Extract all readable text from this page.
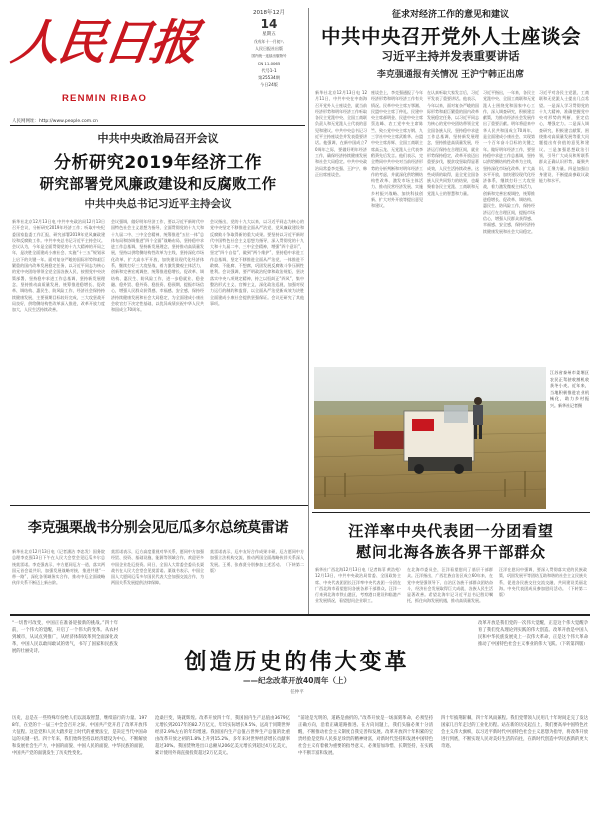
人民日报
RENMIN RIBAO
2018年12月
14
星期五
戊戌年十一月初八
人民日报社出版
国内统一连续出版物号
CN 11-0065
代号1-1
第25534期
今日24版
人民网网址：http://www.people.com.cn
征求对经济工作的意见和建议
中共中央召开党外人士座谈会
习近平主持并发表重要讲话
李克强通报有关情况 王沪宁韩正出席
新华社北京12月13日电 12月11日，中共中央在中南海召开党外人士座谈会，就当前经济形势和明年经济工作听取各民主党派中央、全国工商联负责人和无党派人士代表的意见和建议。中共中央总书记习近平主持座谈会并发表重要讲话。他强调，在新中国成立70周年之际，要做好明年经济工作，确保经济持续健康发展和社会大局稳定。中共中央政治局常委李克强、王沪宁、韩正出席座谈会。
座谈会上，李克强通报了今年经济形势和明年经济工作有关情况。民革中央主席万鄂湘、民盟中央主席丁仲礼、民建中央主席郝明金、民进中央主席蔡达峰、农工党中央主席陈竺、致公党中央主席万钢、九三学社中央主席武维华、台盟中央主席苏辉、全国工商联主席高云龙、无党派人士代表李稻葵先后发言。他们表示，完全赞同中共中央对当前经济形势的分析判断和对明年经济工作的考虑，并就深化供给侧结构性改革、激发市场主体活力、推动民营经济发展、实施乡村振兴战略、加快科技创新、扩大对外开放等提出意见和建议。
在认真听取大家发言后，习近平发表了重要讲话。他表示，今年以来，面对复杂严峻的国际形势和艰巨繁重的国内改革发展稳定任务，以习近平同志为核心的党中央团结带领全党全国各族人民，坚持稳中求进工作总基调，坚持新发展理念，坚持推进高质量发展，经济运行保持在合理区间，就业形势保持稳定，改革开放迈出重要步伐，脱贫攻坚取得显著成效，人民生活持续改善。这些成绩的取得，是全党全国各族人民共同努力的结果，也凝聚着各民主党派、工商联和无党派人士的智慧和力量。
习近平指出，一年来，各民主党派中央、全国工商联和无党派人士围绕党和国家中心工作，深入调查研究，积极建言献策，为推动经济社会发展作出了重要贡献。明年将迎来中华人民共和国成立70周年，是全面建成小康社会、实现第一个百年奋斗目标的关键之年。做好明年经济工作，要坚持稳中求进工作总基调，坚持以供给侧结构性改革为主线，坚持深化市场化改革、扩大高水平开放，加快建设现代化经济体系，继续打好三大攻坚战，着力激发微观主体活力，创新和完善宏观调控，统筹推进稳增长、促改革、调结构、惠民生、防风险工作，保持经济运行在合理区间，提振市场信心，增强人民群众获得感、幸福感、安全感，保持经济持续健康发展和社会大局稳定。
习近平对各民主党派、工商联和无党派人士提出几点希望。一是深入学习贯彻党的十九大精神，准确把握党中央对形势的判断，坚定信心，增强定力。二是深入调查研究，积极建言献策，围绕推动高质量发展等重大问题提出有价值的意见和建议。三是加强思想政治引领，引导广大成员和所联系群众正确认识形势，凝聚共识，汇聚力量。四是加强自身建设，不断提高参政议政能力和水平。
中共中央政治局召开会议
分析研究2019年经济工作
研究部署党风廉政建设和反腐败工作
中共中央总书记习近平主持会议
新华社北京12月13日电 中共中央政治局12月13日召开会议，分析研究2019年经济工作；听取中央纪委国家监委工作汇报，研究部署2019年党风廉政建设和反腐败工作。中共中央总书记习近平主持会议。会议认为，今年是全面贯彻党的十九大精神的开局之年，是决胜全面建成小康社会、实施“十三五”规划承上启下的关键一年。面对复杂严峻的国际形势和艰巨繁重的国内改革发展稳定任务，以习近平同志为核心的党中央团结带领全党全国各族人民，按照党中央决策部署，坚持稳中求进工作总基调，坚持新发展理念，坚持推动高质量发展，统筹推进稳增长、促改革、调结构、惠民生、防风险工作，经济社会保持持续健康发展，主要预期目标较好完成，三大攻坚战开局良好，供给侧结构性改革深入推进，改革开放力度加大，人民生活持续改善。
会议强调，做好明年经济工作，要以习近平新时代中国特色社会主义思想为指导，全面贯彻党的十九大和十九届二中、三中全会精神，统筹推进“五位一体”总体布局和协调推进“四个全面”战略布局，坚持稳中求进工作总基调，坚持新发展理念，坚持推动高质量发展，坚持以供给侧结构性改革为主线，坚持深化市场化改革、扩大高水平开放，加快建设现代化经济体系，继续打好三大攻坚战，着力激发微观主体活力，创新和完善宏观调控，统筹推进稳增长、促改革、调结构、惠民生、防风险工作，进一步稳就业、稳金融、稳外贸、稳外资、稳投资、稳预期，提振市场信心，增强人民群众获得感、幸福感、安全感，保持经济持续健康发展和社会大局稳定，为全面建成小康社会收官打下决定性基础，以优异成绩庆祝中华人民共和国成立70周年。
会议指出，党的十九大以来，以习近平同志为核心的党中央坚定不移推进全面从严治党，党风廉政建设和反腐败斗争取得新的重大成果。要坚持以习近平新时代中国特色社会主义思想为指导，深入贯彻党的十九大和十九届二中、三中全会精神，增强“四个意识”，坚定“四个自信”，做到“两个维护”，坚持稳中求进工作总基调，坚定不移推进全面从严治党，一体推进不敢腐、不能腐、不想腐，巩固发展反腐败斗争压倒性胜利。会议强调，要严明政治纪律和政治规矩，坚决落实中央八项规定精神，持之以恒纠正“四风”，集中整治形式主义、官僚主义，深化政治巡视，加强对权力运行的制约和监督，以全面从严治党新成效为决胜全面建成小康社会提供坚强保证。会议还研究了其他事项。
江苏省泰州市姜堰区农民正驾驶收割机收获冬小麦。近年来，当地积极推进农业机械化，助力乡村振兴。新华社记者摄
李克强栗战书分别会见厄瓜多尔总统莫雷诺
新华社北京12月13日电（记者潘洁 李忠发）国务院总理李克强13日下午在人民大会堂会见厄瓜多尔总统莫雷诺。李克强表示，中方愿同厄方一道，落实两国元首会谈共识，加强发展战略对接，推进共建“一带一路”，深化各领域务实合作，推动中厄全面战略伙伴关系不断迈上新台阶。
莫雷诺表示，厄方高度重视对华关系，愿同中方加强经贸、投资、基础设施、能源等领域合作，欢迎更多中国企业赴厄投资。同日，全国人大常委会委员长栗战书在人民大会堂会见莫雷诺。栗战书表示，中国全国人大愿同厄瓜多尔国民代表大会加强交流合作，为两国关系发展提供法律保障。
莫雷诺表示，厄中友好合作成果丰硕，厄方愿同中方加强立法机构交流，推动两国全面战略伙伴关系深入发展。王勇、张春贤分别参加上述活动。（下转第二版）
汪洋率中央代表团一分团看望
慰问北海各族各界干部群众
新华社广西北海12月13日电（记者陈菲 黄浩苑）12月13日，中共中央政治局常委、全国政协主席、中央代表团团长汪洋率中央代表团一分团在广西北海市看望慰问各族各界干部群众。汪洋一行来到北海市铁山港区，考察港口建设和临港产业发展情况，看望慰问企业职工。
在北海市委员会，汪洋看望慰问了基层干部群众。汪洋指出，广西壮族自治区成立60年来，在党中央坚强领导下，自治区各族干部群众团结奋斗，经济社会发展取得巨大成就，各族人民生活显著改善。希望北海牢记习近平总书记殷切嘱托，抓住向海发展机遇，推动高质量发展。
汪洋在慰问中强调，要深入贯彻落实党的民族政策，巩固发展平等团结互助和谐的社会主义民族关系，促进各民族交往交流交融，共同建设美丽北海。中央代表团成员参加慰问活动。（下转第二版）
“一切皆可改变，中国正在准备迎接新的挑战。”四十年前，一个伟大的觉醒，开启了一个伟大的变革。从农村到城市，从试点到推广，从经济体制改革到全面深化改革，中国人民以敢闯敢试的勇气，书写了国家和民族发展的壮丽史诗。	创造历史的伟大变革
——纪念改革开放40周年（上）
任仲平
改革开放是我们党的一次伟大觉醒，正是这个伟大觉醒孕育了我们党从理论到实践的伟大创造。改革开放是中国人民和中华民族发展史上一次伟大革命，正是这个伟大革命推动了中国特色社会主义事业的伟大飞跃。（下转第四版）
历史，总是在一些特殊年份给人们以汲取智慧、继续前行的力量。1978年，在党的十一届三中全会召开之际，中国共产党开启了改革开放伟大征程。这是党和人民大踏步赶上时代的重要法宝，是决定当代中国命运的关键一招。四十年来，我们始终坚持以经济建设为中心，不断解放和发展社会生产力，中国的面貌、中国人民的面貌、中华民族的面貌、中国共产党的面貌发生了历史性变化。
沧桑巨变，铸就辉煌。改革开放四十年，我国国内生产总值由3679亿元增长到2017年的82.7万亿元，年均实际增长9.5%，远高于同期世界经济2.9%左右的年均增速。我国国内生产总值占世界生产总值的比重由改革开放之初的1.8%上升到15.2%，多年来对世界经济增长贡献率超过30%。我国货物进出口总额从206亿美元增长到超过4万亿美元，累计使用外商直接投资超过2万亿美元。
“前途是光明的，道路是曲折的。”改革开放是一场深刻革命，必须坚持正确方向，沿着正确道路推进。在方向问题上，我们头脑必须十分清醒，不断推动社会主义制度自我完善和发展。改革开放四十年积累的宝贵经验是党和人民弥足珍贵的精神财富，对新时代坚持和发展中国特色社会主义有着极为重要的指导意义，必须倍加珍惜、长期坚持，在实践中不断丰富和发展。
四十年披荆斩棘，四十年风雨兼程。我们党带领人民用几十年时间走完了发达国家几百年走过的工业化历程。站在新的历史起点上，我们要高举中国特色社会主义伟大旗帜，以习近平新时代中国特色社会主义思想为指导，将改革开放进行到底，不断实现人民对美好生活的向往，在新时代创造中华民族新的更大奇迹。
